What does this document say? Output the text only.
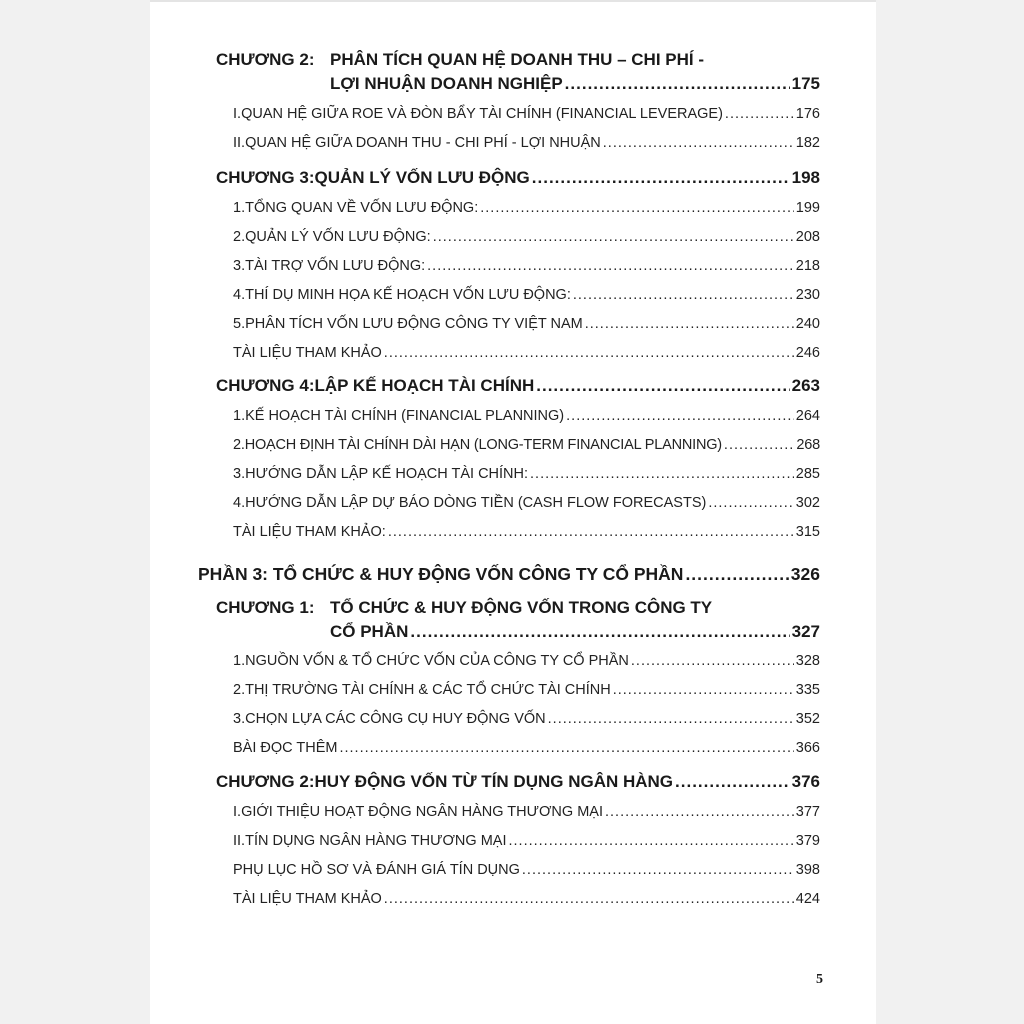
CHƯƠNG 2: PHÂN TÍCH QUAN HỆ DOANH THU – CHI PHÍ -
LỢI NHUẬN DOANH NGHIỆP .....	175
I. QUAN HỆ GIỮA ROE VÀ ĐÒN BẨY TÀI CHÍNH (FINANCIAL LEVERAGE) .....	176
II. QUAN HỆ GIỮA DOANH THU - CHI PHÍ - LỢI NHUẬN .....	182
CHƯƠNG 3: QUẢN LÝ VỐN LƯU ĐỘNG .....	198
1. TỔNG QUAN VỀ VỐN LƯU ĐỘNG: .....	199
2. QUẢN LÝ VỐN LƯU ĐỘNG: .....	208
3. TÀI TRỢ VỐN LƯU ĐỘNG: .....	218
4. THÍ DỤ MINH HỌA KẾ HOẠCH VỐN LƯU ĐỘNG: .....	230
5. PHÂN TÍCH VỐN LƯU ĐỘNG CÔNG TY VIỆT NAM .....	240
TÀI LIỆU THAM KHẢO .....	246
CHƯƠNG 4: LẬP KẾ HOẠCH TÀI CHÍNH .....	263
1. KẾ HOẠCH TÀI CHÍNH (FINANCIAL PLANNING) .....	264
2. HOẠCH ĐỊNH TÀI CHÍNH DÀI HẠN (LONG-TERM FINANCIAL PLANNING) .....	268
3. HƯỚNG DẪN LẬP KẾ HOẠCH TÀI CHÍNH: .....	285
4. HƯỚNG DẪN LẬP DỰ BÁO DÒNG TIỀN (CASH FLOW FORECASTS) .....	302
TÀI LIỆU THAM KHẢO: .....	315
PHẦN 3: TỔ CHỨC & HUY ĐỘNG VỐN CÔNG TY CỔ PHẦN .....	326
CHƯƠNG 1: TỔ CHỨC & HUY ĐỘNG VỐN TRONG CÔNG TY
CỔ PHẦN .....	327
1. NGUỒN VỐN & TỔ CHỨC VỐN CỦA CÔNG TY CỔ PHẦN .....	328
2. THỊ TRƯỜNG TÀI CHÍNH & CÁC TỔ CHỨC TÀI CHÍNH .....	335
3. CHỌN LỰA CÁC CÔNG CỤ HUY ĐỘNG VỐN .....	352
BÀI ĐỌC THÊM .....	366
CHƯƠNG 2: HUY ĐỘNG VỐN TỪ TÍN DỤNG NGÂN HÀNG .....	376
I. GIỚI THIỆU HOẠT ĐỘNG NGÂN HÀNG THƯƠNG MẠI .....	377
II. TÍN DỤNG NGÂN HÀNG THƯƠNG MẠI .....	379
PHỤ LỤC HỒ SƠ VÀ ĐÁNH GIÁ TÍN DỤNG .....	398
TÀI LIỆU THAM KHẢO .....	424
5
